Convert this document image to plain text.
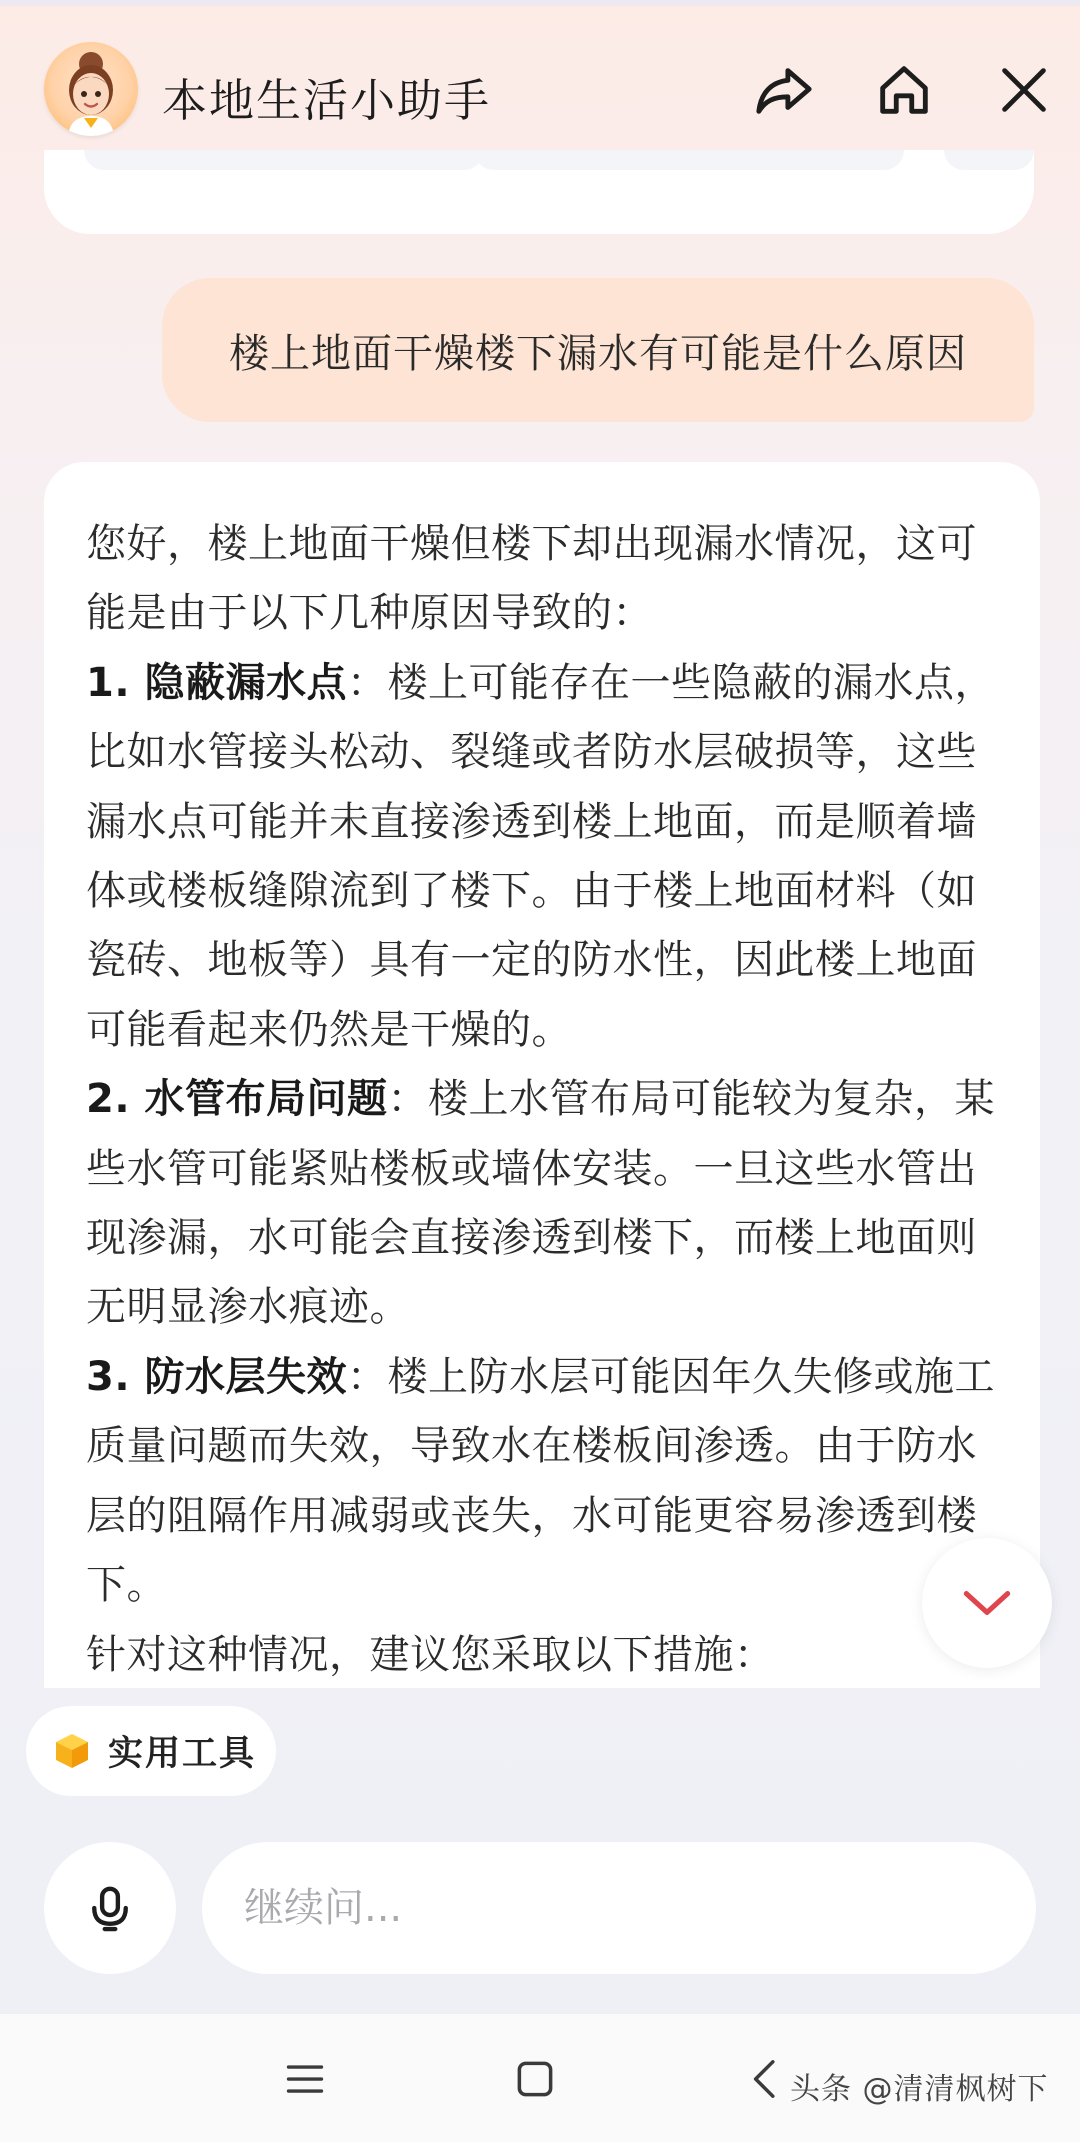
本地生活小助手
楼上地面干燥楼下漏水有可能是什么原因

您好，楼上地面干燥但楼下却出现漏水情况，这可能是由于以下几种原因导致的：

1. 隐蔽漏水点：楼上可能存在一些隐蔽的漏水点，比如水管接头松动、裂缝或者防水层破损等，这些漏水点可能并未直接渗透到楼上地面，而是顺着墙体或楼板缝隙流到了楼下。由于楼上地面材料（如瓷砖、地板等）具有一定的防水性，因此楼上地面可能看起来仍然是干燥的。

2. 水管布局问题：楼上水管布局可能较为复杂，某些水管可能紧贴楼板或墙体安装。一旦这些水管出现渗漏，水可能会直接渗透到楼下，而楼上地面则无明显渗水痕迹。

3. 防水层失效：楼上防水层可能因年久失修或施工质量问题而失效，导致水在楼板间渗透。由于防水层的阻隔作用减弱或丧失，水可能更容易渗透到楼下。

针对这种情况，建议您采取以下措施：

实用工具
继续问...
头条 @清清枫树下
